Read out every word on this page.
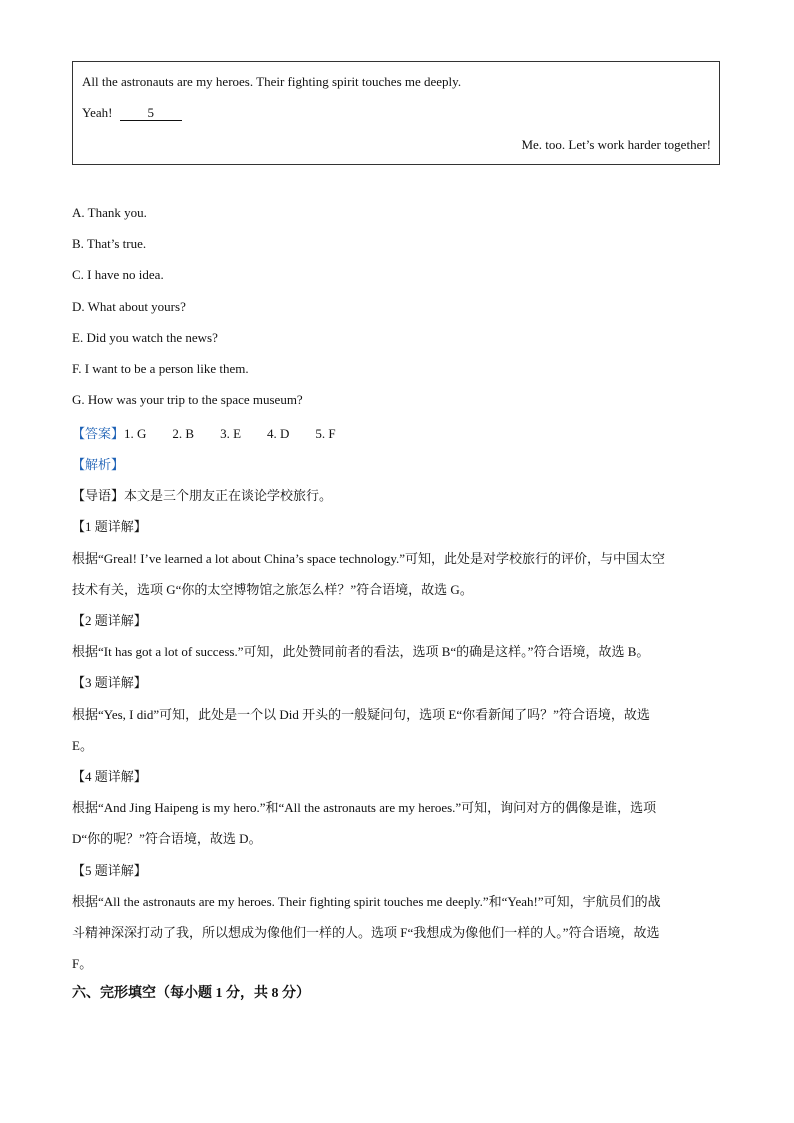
All the astronauts are my heroes. Their fighting spirit touches me deeply.
Yeah!	5
Me. too. Let’s work harder together!
A. Thank you.
B. That’s true.
C. I have no idea.
D. What about yours?
E. Did you watch the news?
F. I want to be a person like them.
G. How was your trip to the space museum?
【答案】1. G 2. B 3. E 4. D 5. F
【解析】
【导语】本文是三个朋友正在谈论学校旅行。
【1 题详解】
根据“Greal! I’ve learned a lot about China’s space technology.”可知，此处是对学校旅行的评价，与中国太空
技术有关，选项 G“你的太空博物馆之旅怎么样？”符合语境，故选 G。
【2 题详解】
根据“It has got a lot of success.”可知，此处赞同前者的看法，选项 B“的确是这样。”符合语境，故选 B。
【3 题详解】
根据“Yes, I did”可知，此处是一个以 Did 开头的一般疑问句，选项 E“你看新闻了吗？”符合语境，故选
E。
【4 题详解】
根据“And Jing Haipeng is my hero.”和“All the astronauts are my heroes.”可知，询问对方的偶像是谁，选项
D“你的呢？”符合语境，故选 D。
【5 题详解】
根据“All the astronauts are my heroes. Their fighting spirit touches me deeply.”和“Yeah!”可知，宇航员们的战
斗精神深深打动了我，所以想成为像他们一样的人。选项 F“我想成为像他们一样的人。”符合语境，故选
F。
六、完形填空（每小题 1 分，共 8 分）
